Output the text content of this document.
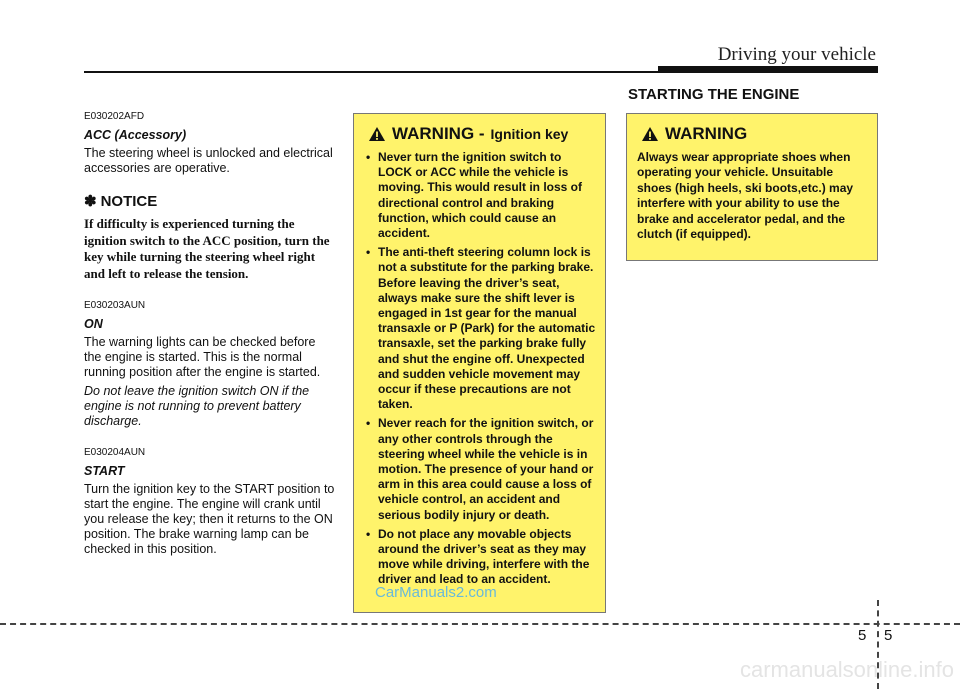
Driving your vehicle

E030202AFD

ACC (Accessory)

The steering wheel is unlocked and electrical accessories are operative.

✽ NOTICE

If difficulty is experienced turning the ignition switch to the ACC position, turn the key while turning the steering wheel right and left to release the tension.

E030203AUN

ON

The warning lights can be checked before the engine is started. This is the normal running position after the engine is started.

Do not leave the ignition switch ON if the engine is not running to prevent battery discharge.

E030204AUN

START

Turn the ignition key to the START position to start the engine. The engine will crank until you release the key; then it returns to the ON position. The brake warning lamp can be checked in this position.

WARNING - Ignition key
• Never turn the ignition switch to LOCK or ACC while the vehicle is moving. This would result in loss of directional control and braking function, which could cause an accident.
• The anti-theft steering column lock is not a substitute for the parking brake. Before leaving the driver’s seat, always make sure the shift lever is engaged in 1st gear for the manual transaxle or P (Park) for the automatic transaxle, set the parking brake fully and shut the engine off. Unexpected and sudden vehicle movement may occur if these precautions are not taken.
• Never reach for the ignition switch, or any other controls through the steering wheel while the vehicle is in motion. The presence of your hand or arm in this area could cause a loss of vehicle control, an accident and serious bodily injury or death.
• Do not place any movable objects around the driver’s seat as they may move while driving, interfere with the driver and lead to an accident.
STARTING THE ENGINE
WARNING

Always wear appropriate shoes when operating your vehicle. Unsuitable shoes (high heels, ski boots,etc.) may interfere with your ability to use the brake and accelerator pedal, and the clutch (if equipped).

CarManuals2.com
5 5
carmanualsonline.info
